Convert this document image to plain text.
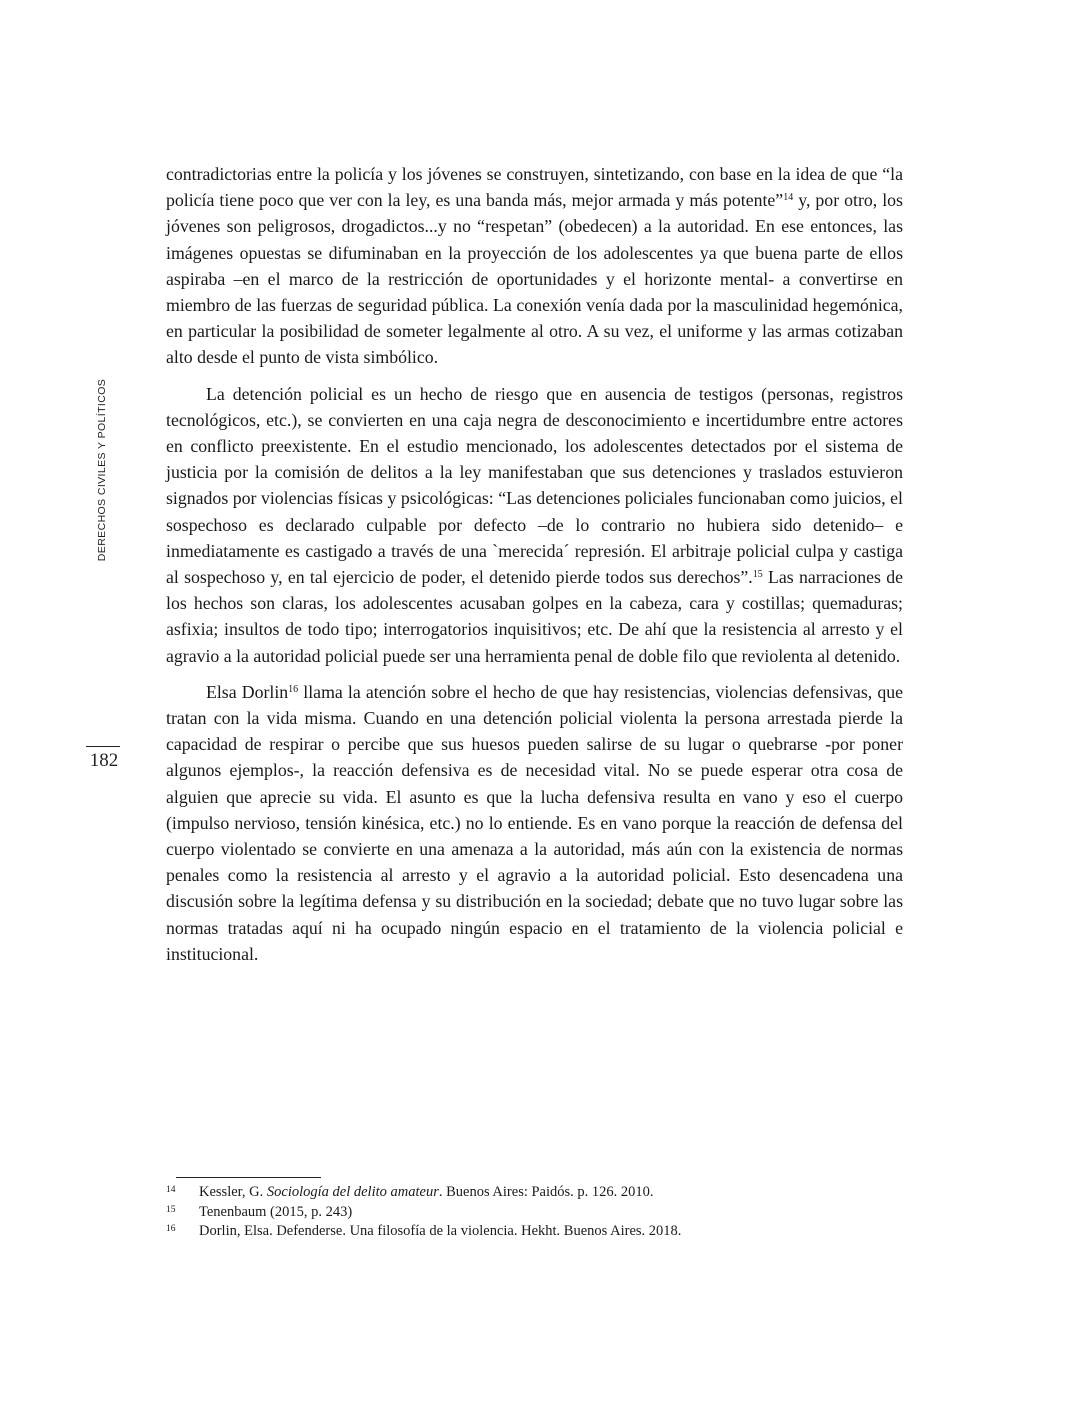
DERECHOS CIVILES Y POLÍTICOS
182

contradictorias entre la policía y los jóvenes se construyen, sintetizando, con base en la idea de que “la policía tiene poco que ver con la ley, es una banda más, mejor armada y más potente”$^{14}$ y, por otro, los jóvenes son peligrosos, drogadictos...y no “respetan” (obedecen) a la autoridad. En ese entonces, las imágenes opuestas se difuminaban en la proyección de los adolescentes ya que buena parte de ellos aspiraba –en el marco de la restricción de oportunidades y el horizonte mental- a convertirse en miembro de las fuerzas de seguridad pública. La conexión venía dada por la masculinidad hegemónica, en particular la posibilidad de someter legalmente al otro. A su vez, el uniforme y las armas cotizaban alto desde el punto de vista simbólico.

La detención policial es un hecho de riesgo que en ausencia de testigos (personas, registros tecnológicos, etc.), se convierten en una caja negra de desconocimiento e incertidumbre entre actores en conflicto preexistente. En el estudio mencionado, los adolescentes detectados por el sistema de justicia por la comisión de delitos a la ley manifestaban que sus detenciones y traslados estuvieron signados por violencias físicas y psicológicas: “Las detenciones policiales funcionaban como juicios, el sospechoso es declarado culpable por defecto –de lo contrario no hubiera sido detenido– e inmediatamente es castigado a través de una `merecida´ represión. El arbitraje policial culpa y castiga al sospechoso y, en tal ejercicio de poder, el detenido pierde todos sus derechos”.$^{15}$ Las narraciones de los hechos son claras, los adolescentes acusaban golpes en la cabeza, cara y costillas; quemaduras; asfixia; insultos de todo tipo; interrogatorios inquisitivos; etc. De ahí que la resistencia al arresto y el agravio a la autoridad policial puede ser una herramienta penal de doble filo que reviolenta al detenido.

Elsa Dorlin$^{16}$ llama la atención sobre el hecho de que hay resistencias, violencias defensivas, que tratan con la vida misma. Cuando en una detención policial violenta la persona arrestada pierde la capacidad de respirar o percibe que sus huesos pueden salirse de su lugar o quebrarse -por poner algunos ejemplos-, la reacción defensiva es de necesidad vital. No se puede esperar otra cosa de alguien que aprecie su vida. El asunto es que la lucha defensiva resulta en vano y eso el cuerpo (impulso nervioso, tensión kinésica, etc.) no lo entiende. Es en vano porque la reacción de defensa del cuerpo violentado se convierte en una amenaza a la autoridad, más aún con la existencia de normas penales como la resistencia al arresto y el agravio a la autoridad policial. Esto desencadena una discusión sobre la legítima defensa y su distribución en la sociedad; debate que no tuvo lugar sobre las normas tratadas aquí ni ha ocupado ningún espacio en el tratamiento de la violencia policial e institucional.

14	Kessler, G. Sociología del delito amateur. Buenos Aires: Paidós. p. 126. 2010.
15	Tenenbaum (2015, p. 243)
16	Dorlin, Elsa. Defenderse. Una filosofía de la violencia. Hekht. Buenos Aires. 2018.
